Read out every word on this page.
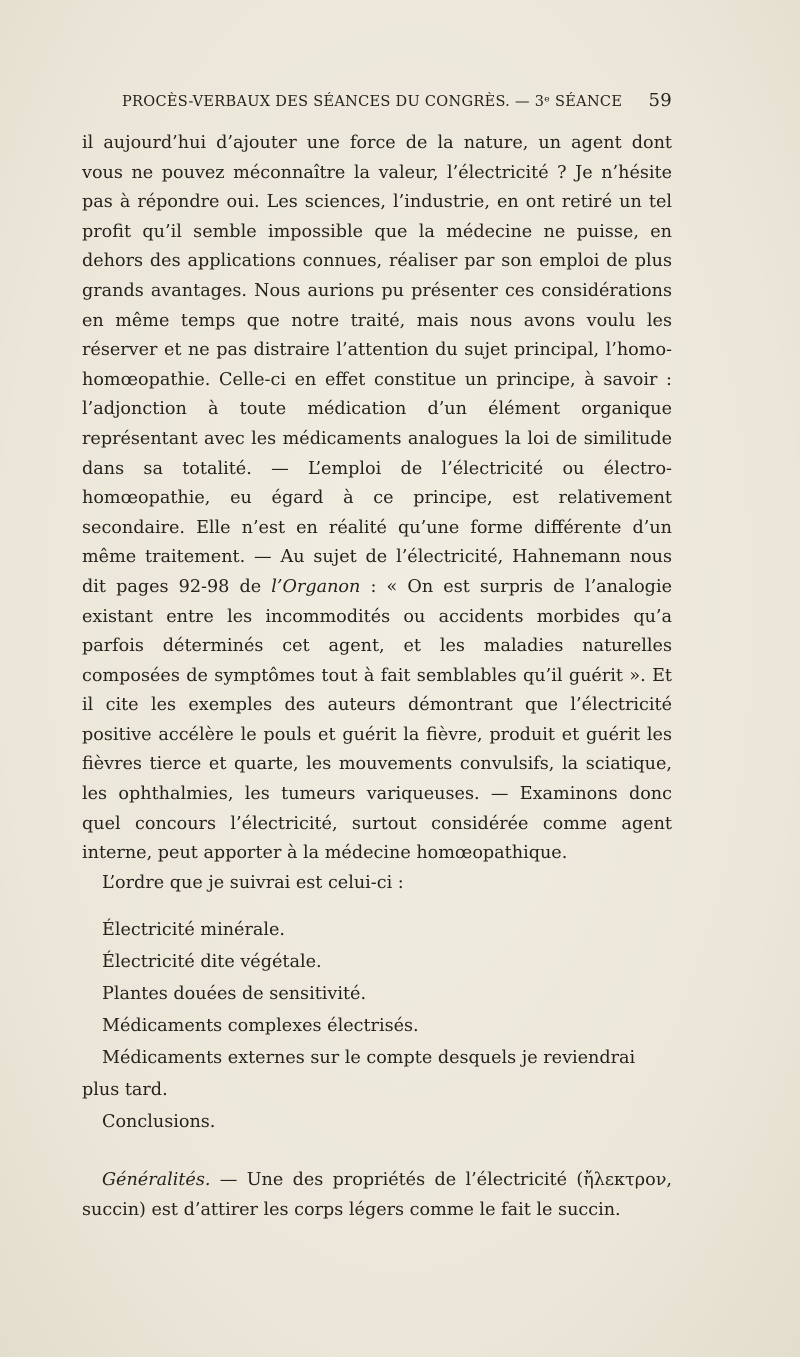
PROCÈS-VERBAUX DES SÉANCES DU CONGRÈS. — 3ᵉ SÉANCE 59

il aujourd’hui d’ajouter une force de la nature, un agent dont vous ne pouvez méconnaître la valeur, l’électricité ? Je n’hésite pas à répondre oui. Les sciences, l’industrie, en ont retiré un tel profit qu’il semble impossible que la médecine ne puisse, en dehors des applications connues, réaliser par son emploi de plus grands avantages. Nous aurions pu présenter ces considérations en même temps que notre traité, mais nous avons voulu les réserver et ne pas distraire l’attention du sujet principal, l’homo-homœopathie. Celle-ci en effet constitue un principe, à savoir : l’adjonction à toute médication d’un élément organique représentant avec les médicaments analogues la loi de similitude dans sa totalité. — L’emploi de l’électricité ou électro-homœopathie, eu égard à ce principe, est relativement secondaire. Elle n’est en réalité qu’une forme différente d’un même traitement. — Au sujet de l’électricité, Hahnemann nous dit pages 92-98 de l’Organon : « On est surpris de l’analogie existant entre les incommodités ou accidents morbides qu’a parfois déterminés cet agent, et les maladies naturelles composées de symptômes tout à fait semblables qu’il guérit ». Et il cite les exemples des auteurs démontrant que l’électricité positive accélère le pouls et guérit la fièvre, produit et guérit les fièvres tierce et quarte, les mouvements convulsifs, la sciatique, les ophthalmies, les tumeurs variqueuses. — Examinons donc quel concours l’électricité, surtout considérée comme agent interne, peut apporter à la médecine homœopathique.

L’ordre que je suivrai est celui-ci :

Électricité minérale.
Électricité dite végétale.
Plantes douées de sensitivité.
Médicaments complexes électrisés.
Médicaments externes sur le compte desquels je reviendrai
plus tard.
Conclusions.

Généralités. — Une des propriétés de l’électricité (ἤλεκτρον, succin) est d’attirer les corps légers comme le fait le succin.
